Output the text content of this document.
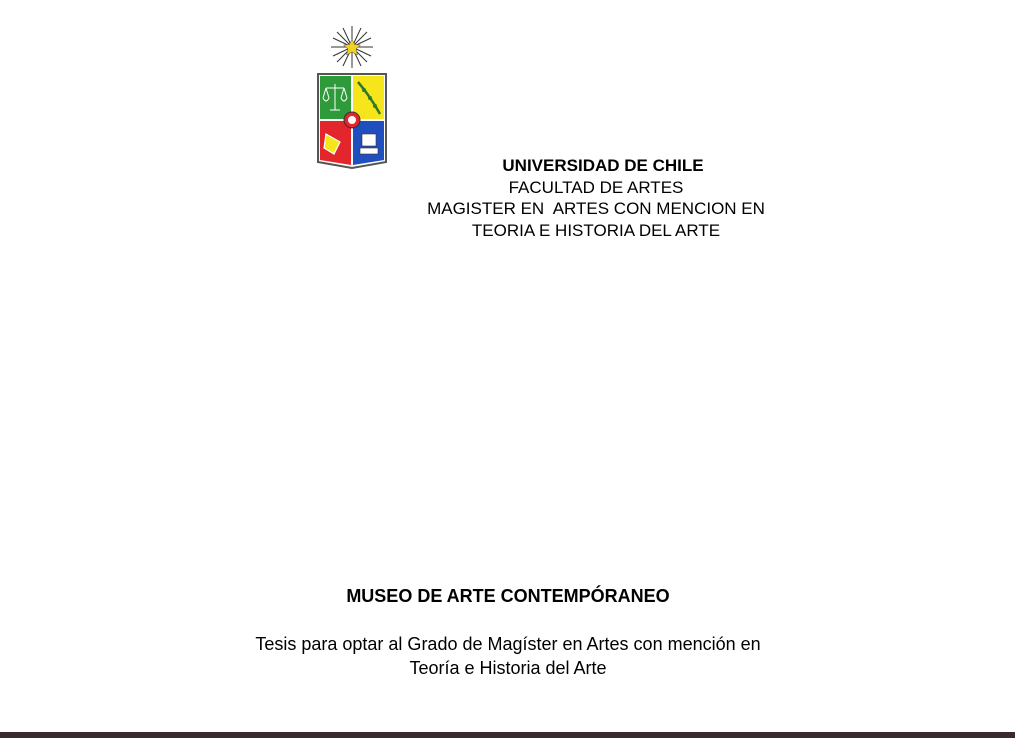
UNIVERSIDAD DE CHILE
FACULTAD DE ARTES
MAGISTER EN  ARTES CON MENCION EN
TEORIA E HISTORIA DEL ARTE
MUSEO DE ARTE CONTEMPÓRANEO
Tesis para optar al Grado de Magíster en Artes con mención en
Teoría e Historia del Arte
